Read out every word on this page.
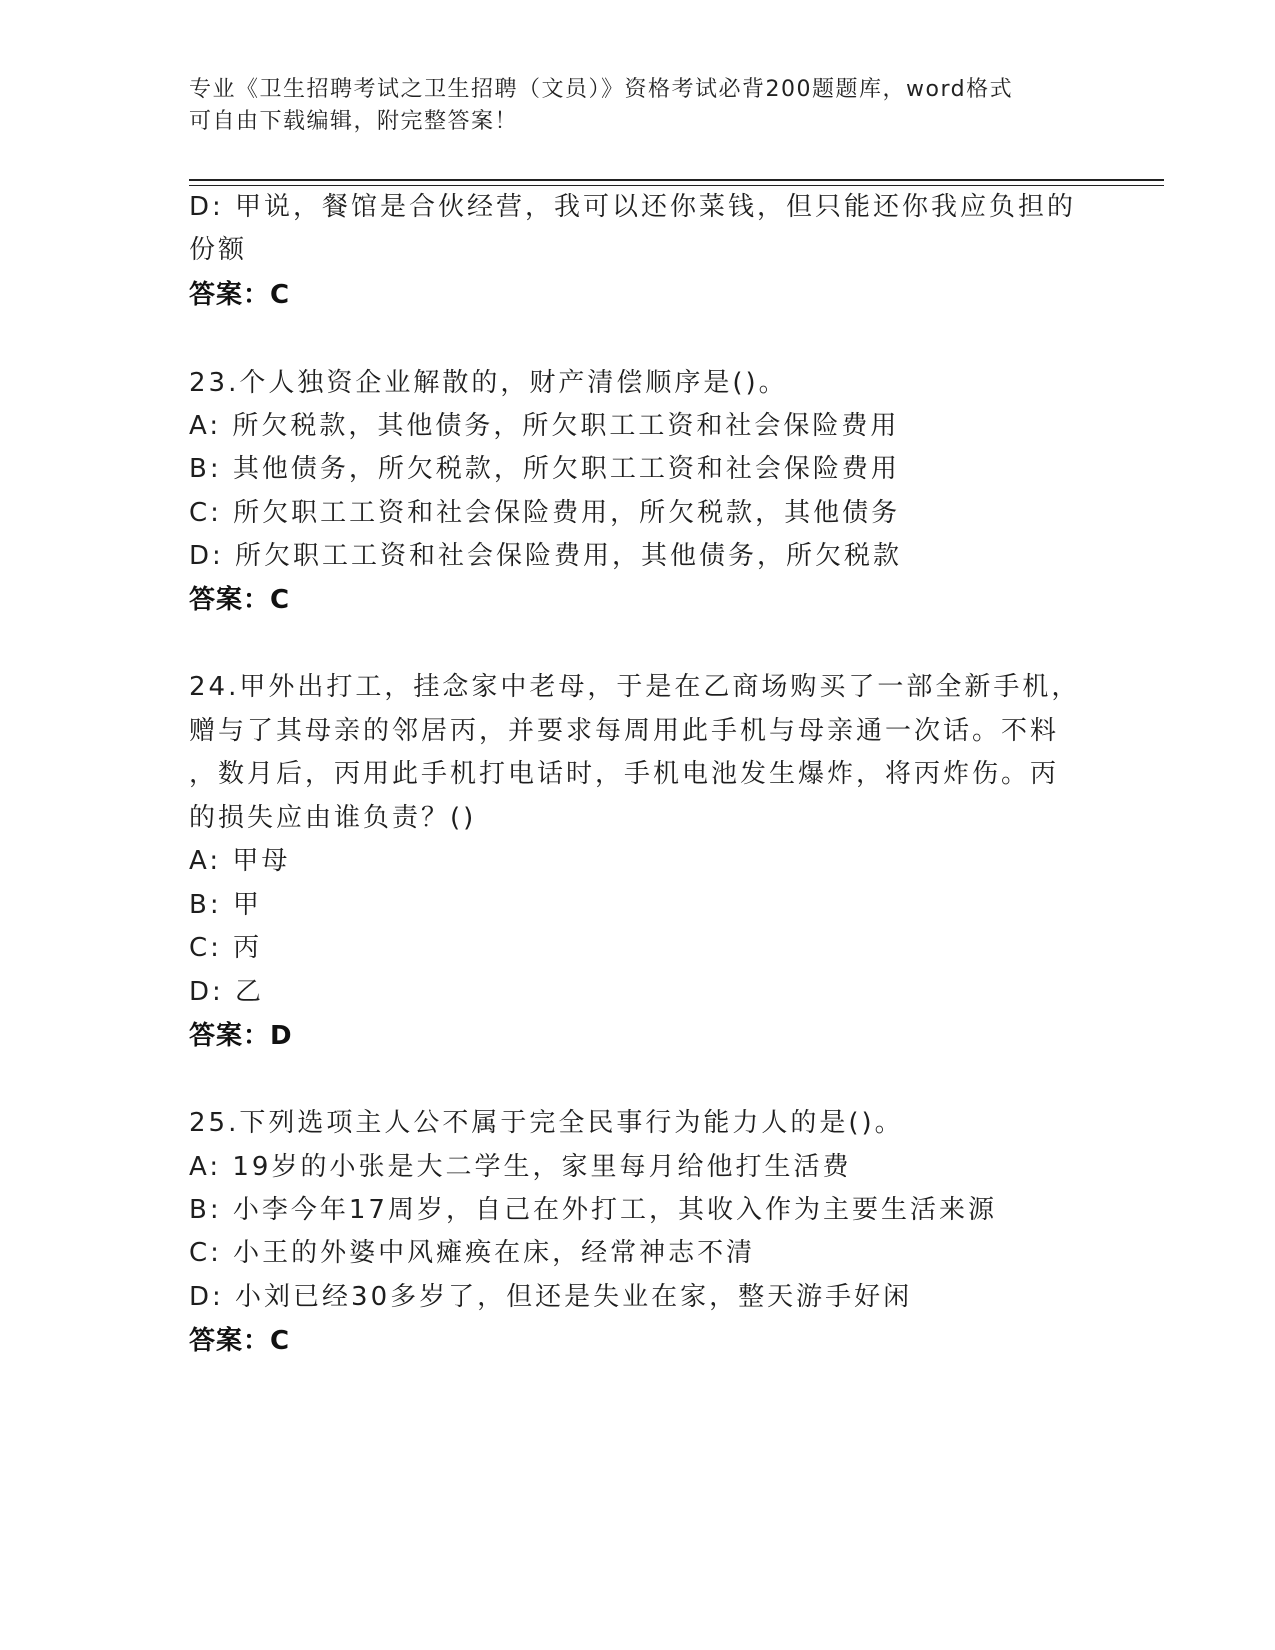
专业《卫生招聘考试之卫生招聘（文员）》资格考试必背200题题库，word格式
可自由下载编辑，附完整答案！
D: 甲说，餐馆是合伙经营，我可以还你菜钱，但只能还你我应负担的
份额
答案：C
23.个人独资企业解散的，财产清偿顺序是()。
A: 所欠税款，其他债务，所欠职工工资和社会保险费用
B: 其他债务，所欠税款，所欠职工工资和社会保险费用
C: 所欠职工工资和社会保险费用，所欠税款，其他债务
D: 所欠职工工资和社会保险费用，其他债务，所欠税款
答案：C
24.甲外出打工，挂念家中老母，于是在乙商场购买了一部全新手机，
赠与了其母亲的邻居丙，并要求每周用此手机与母亲通一次话。不料
，数月后，丙用此手机打电话时，手机电池发生爆炸，将丙炸伤。丙
的损失应由谁负责？()
A: 甲母
B: 甲
C: 丙
D: 乙
答案：D
25.下列选项主人公不属于完全民事行为能力人的是()。
A: 19岁的小张是大二学生，家里每月给他打生活费
B: 小李今年17周岁，自己在外打工，其收入作为主要生活来源
C: 小王的外婆中风瘫痪在床，经常神志不清
D: 小刘已经30多岁了，但还是失业在家，整天游手好闲
答案：C
